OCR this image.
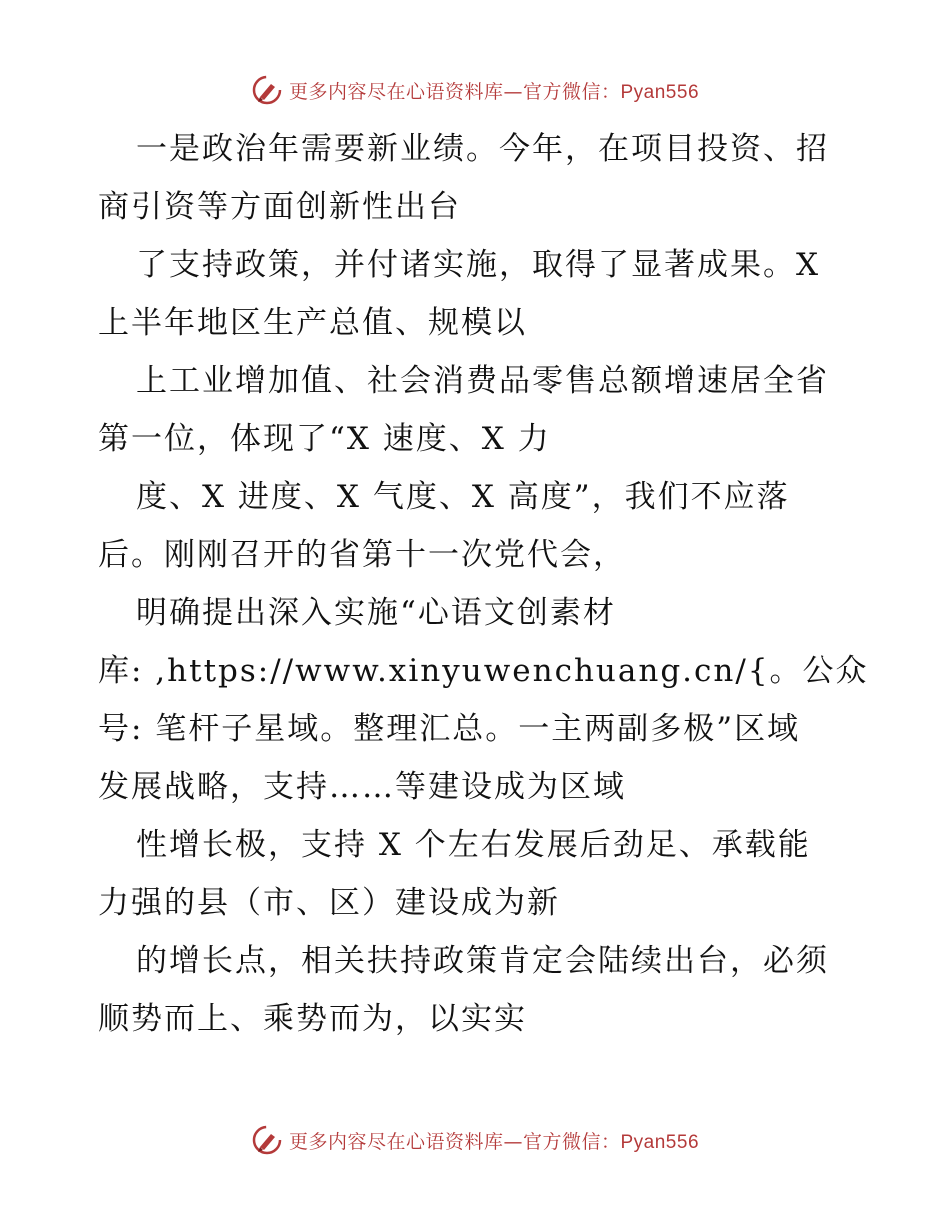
更多内容尽在心语资料库—官方微信：Pyan556
一是政治年需要新业绩。今年，在项目投资、招
商引资等方面创新性出台
了支持政策，并付诸实施，取得了显著成果。X
上半年地区生产总值、规模以
上工业增加值、社会消费品零售总额增速居全省
第一位，体现了“X 速度、X 力
度、X 进度、X 气度、X 高度”，我们不应落
后。刚刚召开的省第十一次党代会，
明确提出深入实施“心语文创素材
库: ,https://www.xinyuwenchuang.cn/{。公众
号: 笔杆子星域。整理汇总。一主两副多极”区域
发展战略，支持……等建设成为区域
性增长极，支持 X 个左右发展后劲足、承载能
力强的县（市、区）建设成为新
的增长点，相关扶持政策肯定会陆续出台，必须
顺势而上、乘势而为，以实实
更多内容尽在心语资料库—官方微信：Pyan556
